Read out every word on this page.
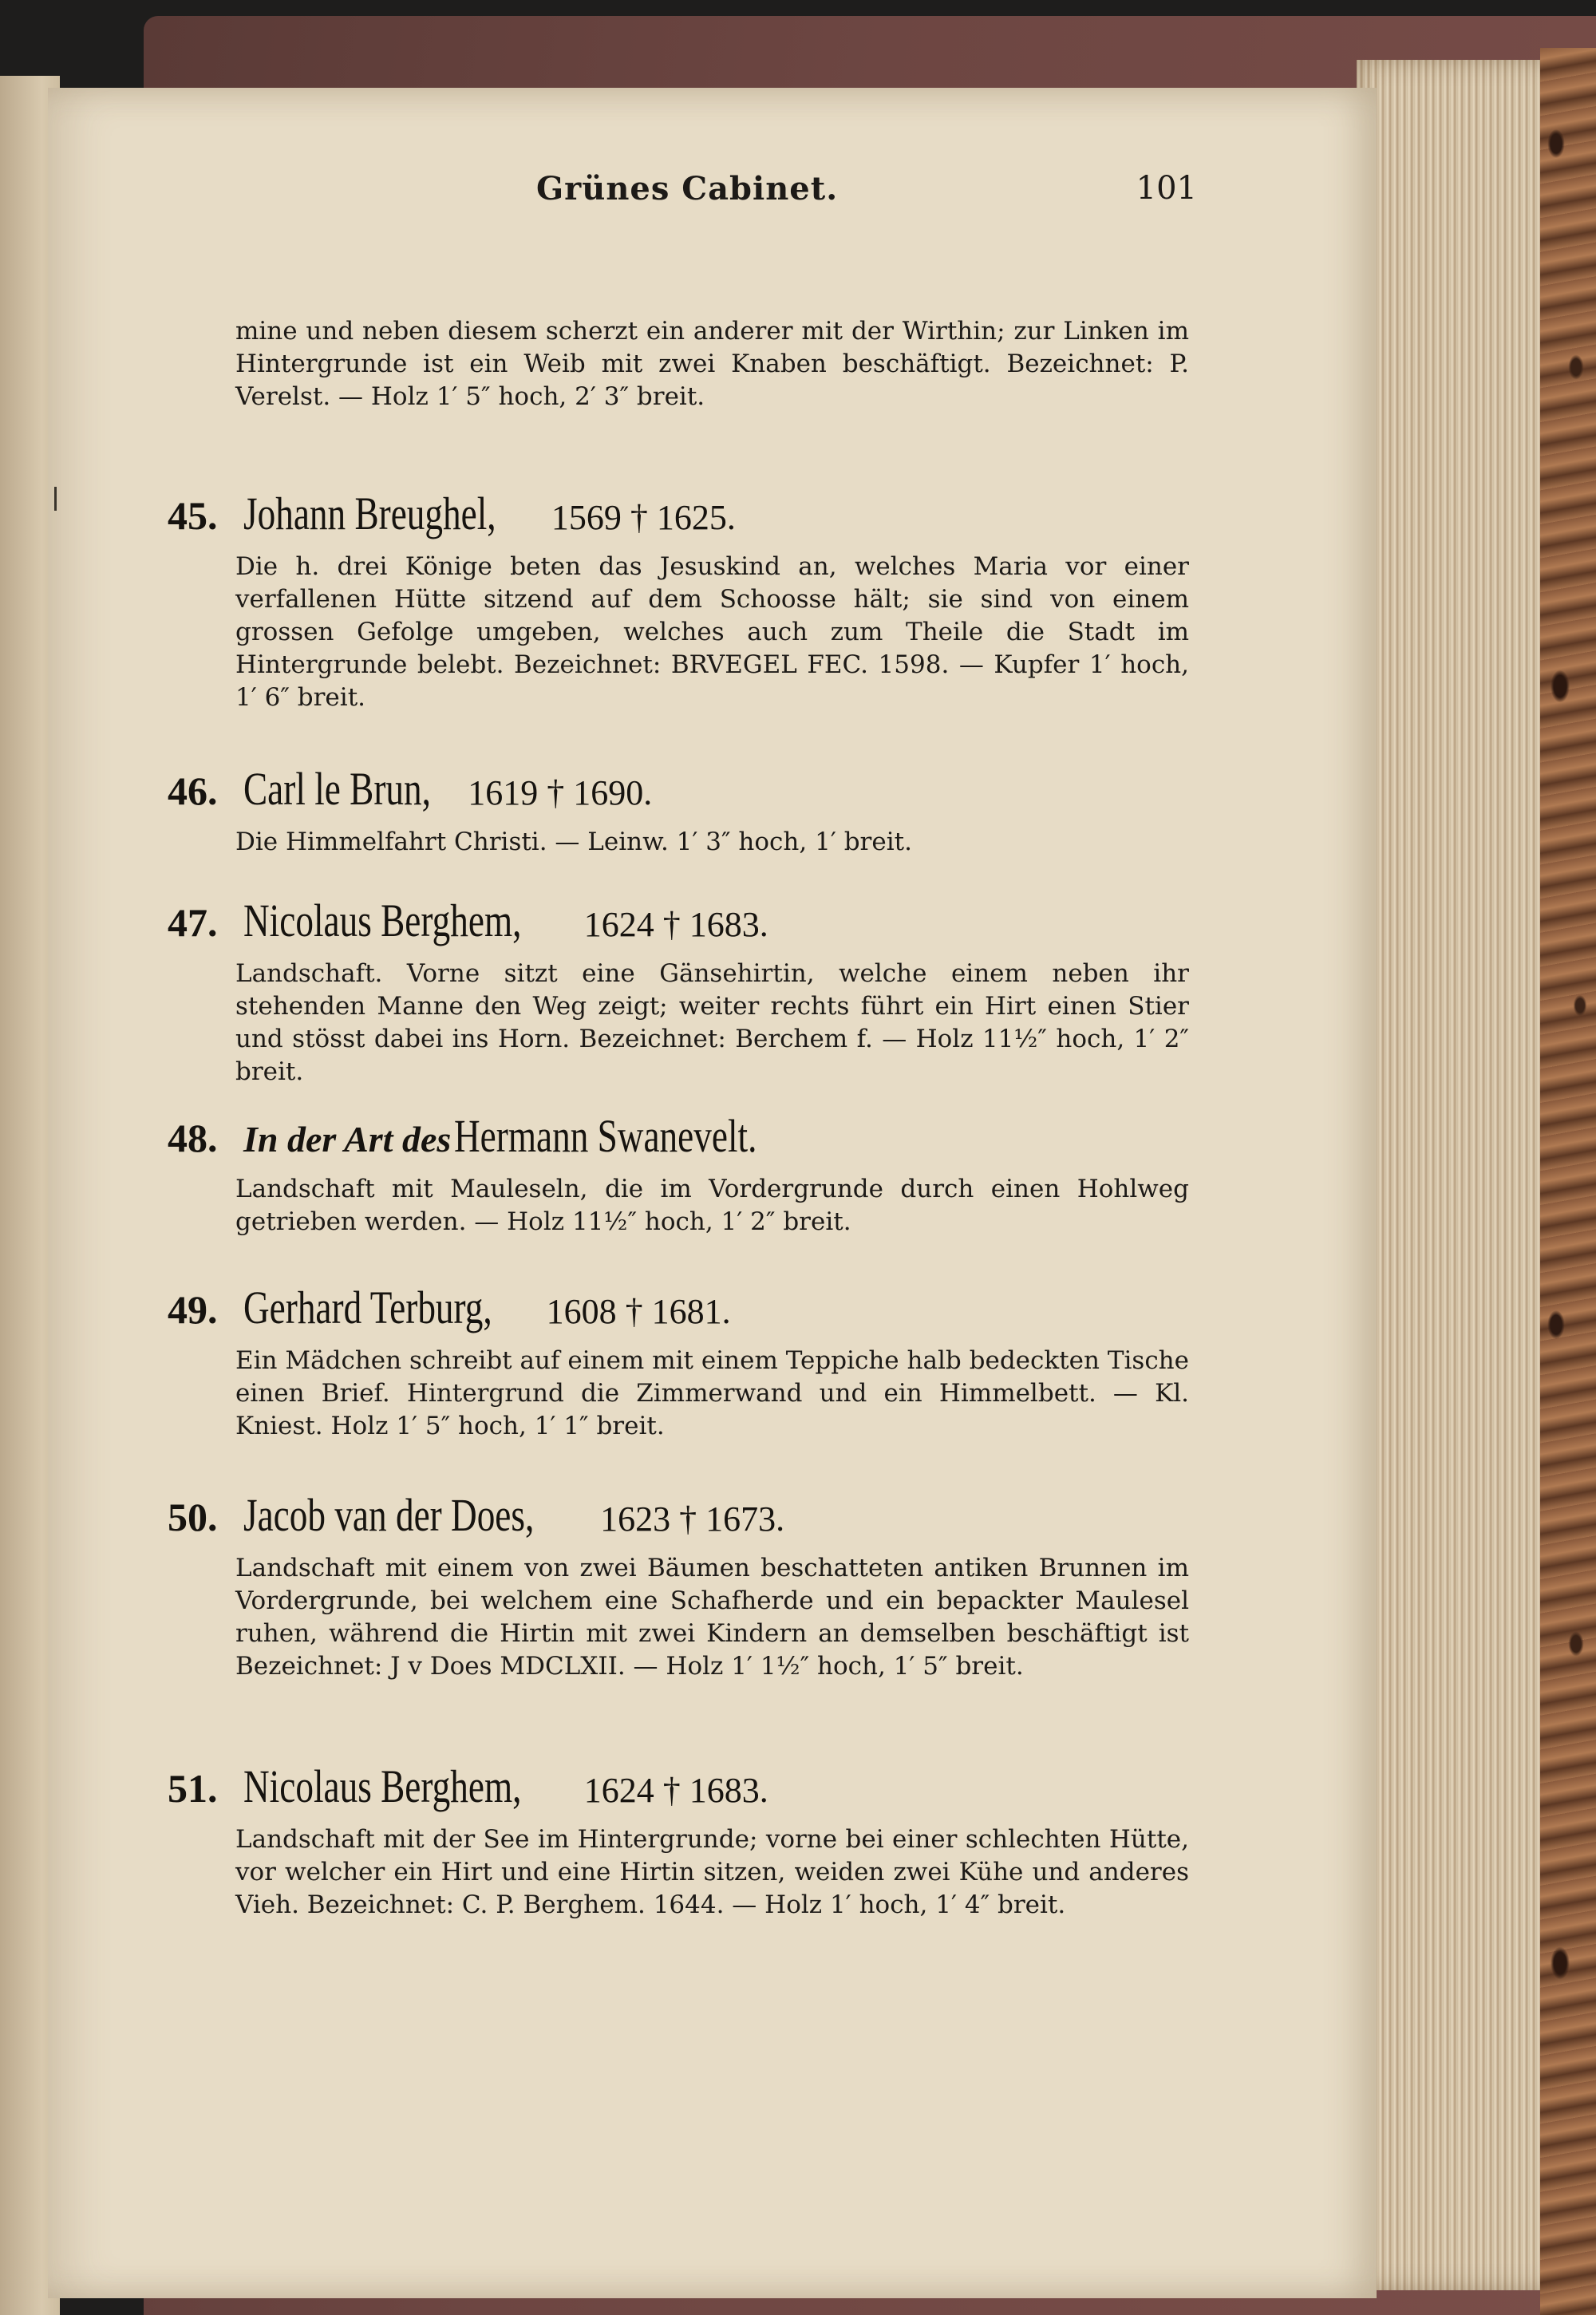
Grünes Cabinet.	101
mine und neben diesem scherzt ein anderer mit der Wirthin; zur Linken im Hintergrunde ist ein Weib mit zwei Knaben beschäftigt. Bezeichnet: P. Verelst. — Holz 1′ 5″ hoch, 2′ 3″ breit.
45. Johann Breughel, 1569 † 1625.
Die h. drei Könige beten das Jesuskind an, welches Maria vor einer verfallenen Hütte sitzend auf dem Schoosse hält; sie sind von einem grossen Gefolge umgeben, welches auch zum Theile die Stadt im Hintergrunde belebt. Bezeichnet: BRVEGEL FEC. 1598. — Kupfer 1′ hoch, 1′ 6″ breit.
46. Carl le Brun, 1619 † 1690.
Die Himmelfahrt Christi. — Leinw. 1′ 3″ hoch, 1′ breit.
47. Nicolaus Berghem, 1624 † 1683.
Landschaft. Vorne sitzt eine Gänsehirtin, welche einem neben ihr stehenden Manne den Weg zeigt; weiter rechts führt ein Hirt einen Stier und stösst dabei ins Horn. Bezeichnet: Berchem f. — Holz 11½″ hoch, 1′ 2″ breit.
48. In der Art des Hermann Swanevelt.
Landschaft mit Mauleseln, die im Vordergrunde durch einen Hohlweg getrieben werden. — Holz 11½″ hoch, 1′ 2″ breit.
49. Gerhard Terburg, 1608 † 1681.
Ein Mädchen schreibt auf einem mit einem Teppiche halb bedeckten Tische einen Brief. Hintergrund die Zimmerwand und ein Himmelbett. — Kl. Kniest. Holz 1′ 5″ hoch, 1′ 1″ breit.
50. Jacob van der Does, 1623 † 1673.
Landschaft mit einem von zwei Bäumen beschatteten antiken Brunnen im Vordergrunde, bei welchem eine Schafherde und ein bepackter Maulesel ruhen, während die Hirtin mit zwei Kindern an demselben beschäftigt ist Bezeichnet: J v Does MDCLXII. — Holz 1′ 1½″ hoch, 1′ 5″ breit.
51. Nicolaus Berghem, 1624 † 1683.
Landschaft mit der See im Hintergrunde; vorne bei einer schlechten Hütte, vor welcher ein Hirt und eine Hirtin sitzen, weiden zwei Kühe und anderes Vieh. Bezeichnet: C. P. Berghem. 1644. — Holz 1′ hoch, 1′ 4″ breit.
